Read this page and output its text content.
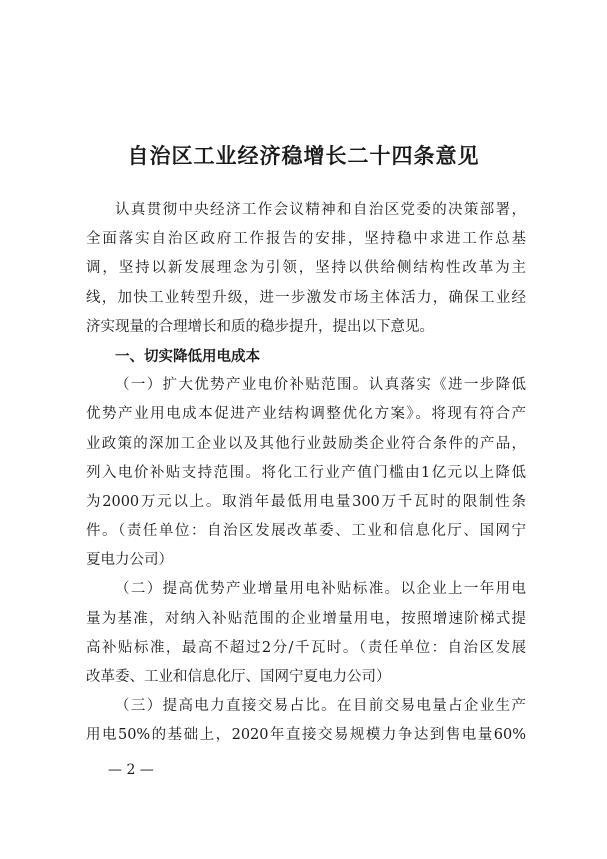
自治区工业经济稳增长二十四条意见
认真贯彻中央经济工作会议精神和自治区党委的决策部署，
全面落实自治区政府工作报告的安排，坚持稳中求进工作总基
调，坚持以新发展理念为引领，坚持以供给侧结构性改革为主
线，加快工业转型升级，进一步激发市场主体活力，确保工业经
济实现量的合理增长和质的稳步提升，提出以下意见。
一、切实降低用电成本
（一）扩大优势产业电价补贴范围。认真落实《进一步降低
优势产业用电成本促进产业结构调整优化方案》。将现有符合产
业政策的深加工企业以及其他行业鼓励类企业符合条件的产品，
列入电价补贴支持范围。将化工行业产值门槛由1亿元以上降低
为2000万元以上。取消年最低用电量300万千瓦时的限制性条
件。（责任单位：自治区发展改革委、工业和信息化厅、国网宁
夏电力公司）
（二）提高优势产业增量用电补贴标准。以企业上一年用电
量为基准，对纳入补贴范围的企业增量用电，按照增速阶梯式提
高补贴标准，最高不超过2分/千瓦时。（责任单位：自治区发展
改革委、工业和信息化厅、国网宁夏电力公司）
（三）提高电力直接交易占比。在目前交易电量占企业生产
用电50%的基础上，2020年直接交易规模力争达到售电量60%
— 2 —
